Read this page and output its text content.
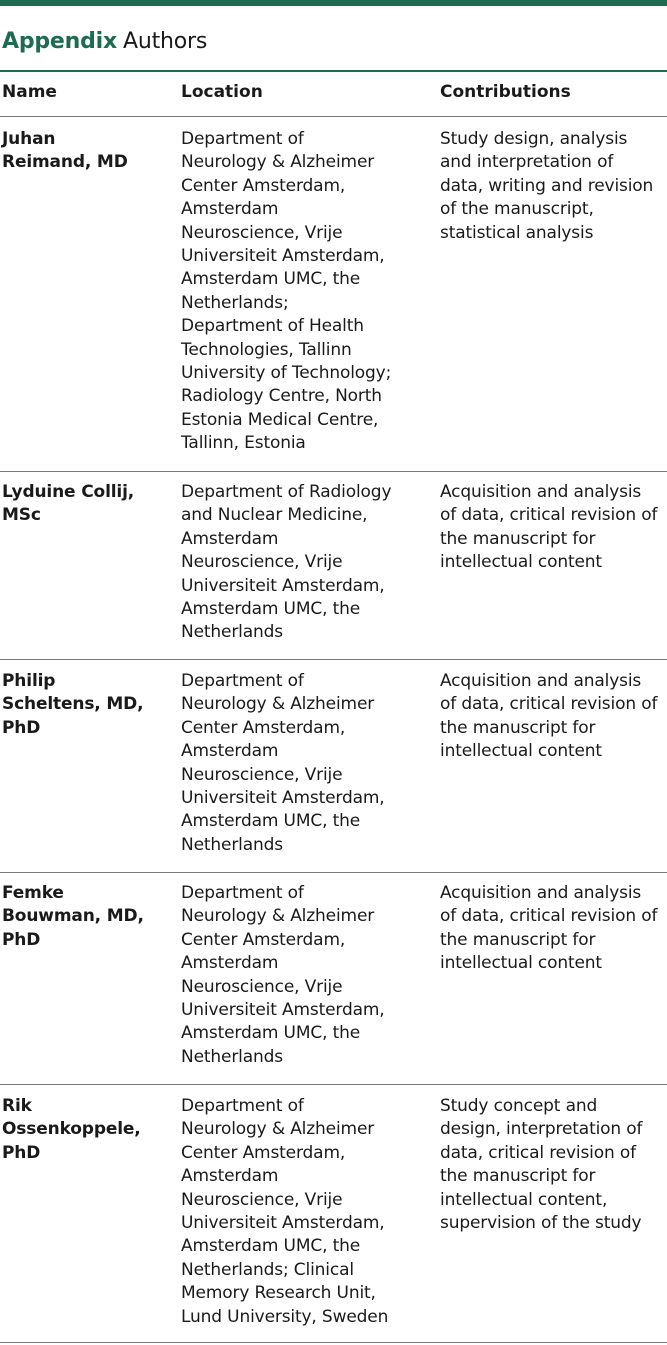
Appendix Authors
Name	Location	Contributions
Juhan
Reimand, MD
Department of
Neurology & Alzheimer
Center Amsterdam,
Amsterdam
Neuroscience, Vrije
Universiteit Amsterdam,
Amsterdam UMC, the
Netherlands;
Department of Health
Technologies, Tallinn
University of Technology;
Radiology Centre, North
Estonia Medical Centre,
Tallinn, Estonia
Study design, analysis
and interpretation of
data, writing and revision
of the manuscript,
statistical analysis
Lyduine Collij,
MSc
Department of Radiology
and Nuclear Medicine,
Amsterdam
Neuroscience, Vrije
Universiteit Amsterdam,
Amsterdam UMC, the
Netherlands
Acquisition and analysis
of data, critical revision of
the manuscript for
intellectual content
Philip
Scheltens, MD,
PhD
Department of
Neurology & Alzheimer
Center Amsterdam,
Amsterdam
Neuroscience, Vrije
Universiteit Amsterdam,
Amsterdam UMC, the
Netherlands
Acquisition and analysis
of data, critical revision of
the manuscript for
intellectual content
Femke
Bouwman, MD,
PhD
Department of
Neurology & Alzheimer
Center Amsterdam,
Amsterdam
Neuroscience, Vrije
Universiteit Amsterdam,
Amsterdam UMC, the
Netherlands
Acquisition and analysis
of data, critical revision of
the manuscript for
intellectual content
Rik
Ossenkoppele,
PhD
Department of
Neurology & Alzheimer
Center Amsterdam,
Amsterdam
Neuroscience, Vrije
Universiteit Amsterdam,
Amsterdam UMC, the
Netherlands; Clinical
Memory Research Unit,
Lund University, Sweden
Study concept and
design, interpretation of
data, critical revision of
the manuscript for
intellectual content,
supervision of the study
